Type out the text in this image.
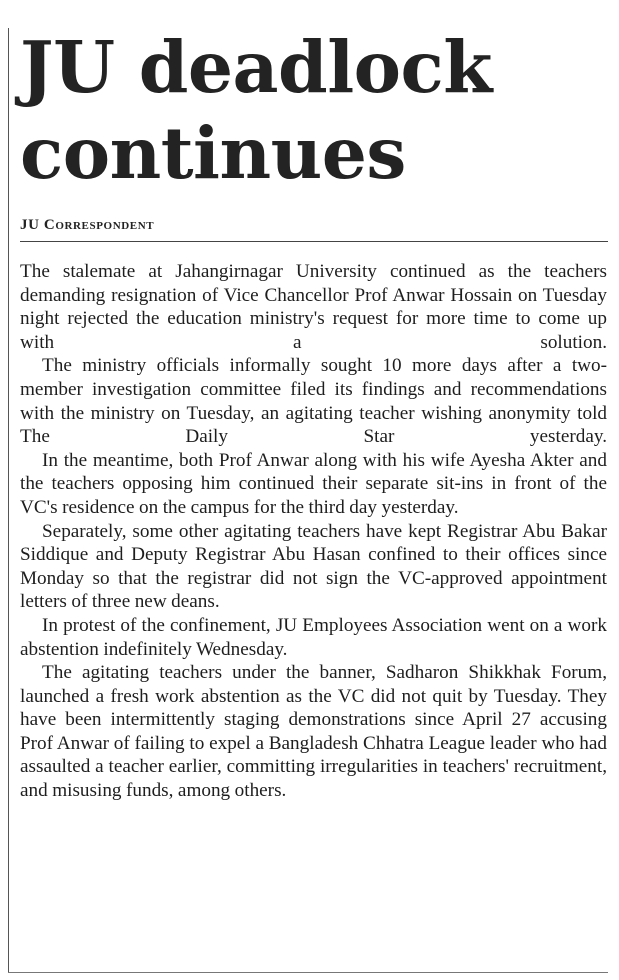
JU deadlock
continues
JU Correspondent

The stalemate at Jahangirnagar University continued as the teachers demanding resignation of Vice Chancellor Prof Anwar Hossain on Tuesday night rejected the education ministry's request for more time to come up with a solution.

The ministry officials informally sought 10 more days after a two-member investigation committee filed its findings and recommendations with the ministry on Tuesday, an agitating teacher wishing anonymity told The Daily Star yesterday.

In the meantime, both Prof Anwar along with his wife Ayesha Akter and the teachers opposing him continued their separate sit-ins in front of the VC's residence on the campus for the third day yesterday.

Separately, some other agitating teachers have kept Registrar Abu Bakar Siddique and Deputy Registrar Abu Hasan confined to their offices since Monday so that the registrar did not sign the VC-approved appointment letters of three new deans.

In protest of the confinement, JU Employees Association went on a work abstention indefinitely Wednesday.

The agitating teachers under the banner, Sadharon Shikkhak Forum, launched a fresh work abstention as the VC did not quit by Tuesday. They have been intermittently staging demonstrations since April 27 accusing Prof Anwar of failing to expel a Bangladesh Chhatra League leader who had assaulted a teacher earlier, committing irregularities in teachers' recruitment, and misusing funds, among others.
